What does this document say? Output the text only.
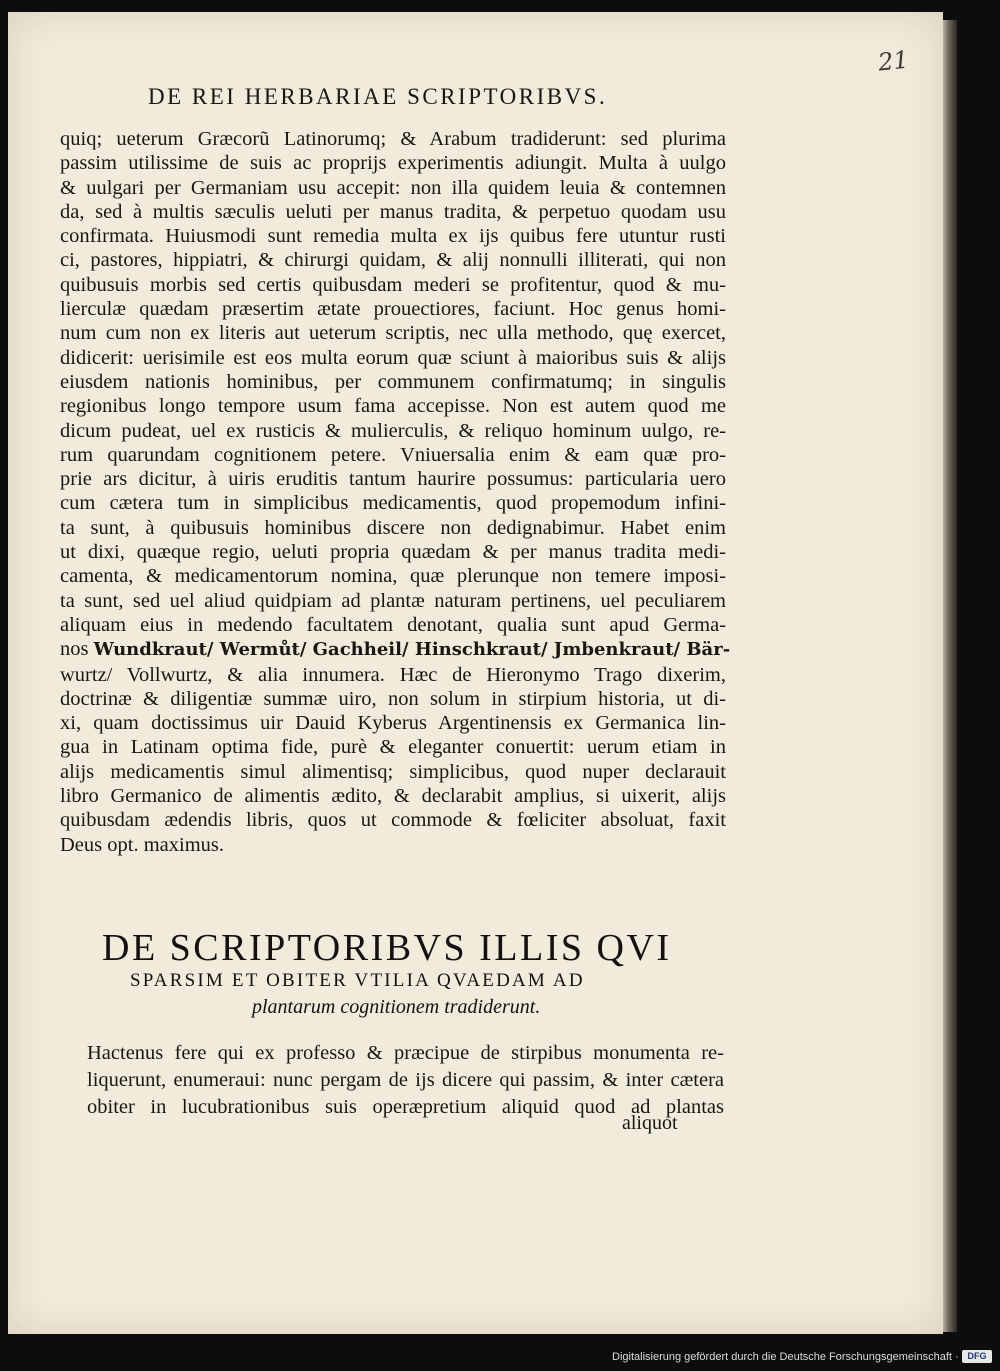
21
DE REI HERBARIAE SCRIPTORIBVS.
quiq; ueterum Græcorũ Latinorumq; & Arabum tradiderunt: sed plurima
passim utilissime de suis ac proprijs experimentis adiungit. Multa à uulgo
& uulgari per Germaniam usu accepit: non illa quidem leuia & contemnen
da, sed à multis sæculis ueluti per manus tradita, & perpetuo quodam usu
confirmata. Huiusmodi sunt remedia multa ex ijs quibus fere utuntur rusti
ci, pastores, hippiatri, & chirurgi quidam, & alij nonnulli illiterati, qui non
quibusuis morbis sed certis quibusdam mederi se profitentur, quod & mu-
lierculæ quædam præsertim ætate prouectiores, faciunt. Hoc genus homi-
num cum non ex literis aut ueterum scriptis, nec ulla methodo, quę exercet,
didicerit: uerisimile est eos multa eorum quæ sciunt à maioribus suis & alijs
eiusdem nationis hominibus, per communem confirmatumq; in singulis
regionibus longo tempore usum fama accepisse. Non est autem quod me
dicum pudeat, uel ex rusticis & mulierculis, & reliquo hominum uulgo, re-
rum quarundam cognitionem petere. Vniuersalia enim & eam quæ pro-
prie ars dicitur, à uiris eruditis tantum haurire possumus: particularia uero
cum cætera tum in simplicibus medicamentis, quod propemodum infini-
ta sunt, à quibusuis hominibus discere non dedignabimur. Habet enim
ut dixi, quæque regio, ueluti propria quædam & per manus tradita medi-
camenta, & medicamentorum nomina, quæ plerunque non temere imposi-
ta sunt, sed uel aliud quidpiam ad plantæ naturam pertinens, uel peculiarem
aliquam eius in medendo facultatem denotant, qualia sunt apud Germa-
nos Wundkraut/ Wermůt/ Gachheil/ Hinschkraut/ Jmbenkraut/ Bär-
wurtz/ Vollwurtz, & alia innumera. Hæc de Hieronymo Trago dixerim,
doctrinæ & diligentiæ summæ uiro, non solum in stirpium historia, ut di-
xi, quam doctissimus uir Dauid Kyberus Argentinensis ex Germanica lin-
gua in Latinam optima fide, purè & eleganter conuertit: uerum etiam in
alijs medicamentis simul alimentisq; simplicibus, quod nuper declarauit
libro Germanico de alimentis ædito, & declarabit amplius, si uixerit, alijs
quibusdam ædendis libris, quos ut commode & fœliciter absoluat, faxit
Deus opt. maximus.
DE SCRIPTORIBVS ILLIS QVI
SPARSIM ET OBITER VTILIA QVAEDAM AD
plantarum cognitionem tradiderunt.
Hactenus fere qui ex professo & præcipue de stirpibus monumenta re-
liquerunt, enumeraui: nunc pergam de ijs dicere qui passim, & inter cætera
obiter in lucubrationibus suis operæpretium aliquid quod ad plantas
aliquot
Digitalisierung gefördert durch die Deutsche Forschungsgemeinschaft · DFG
